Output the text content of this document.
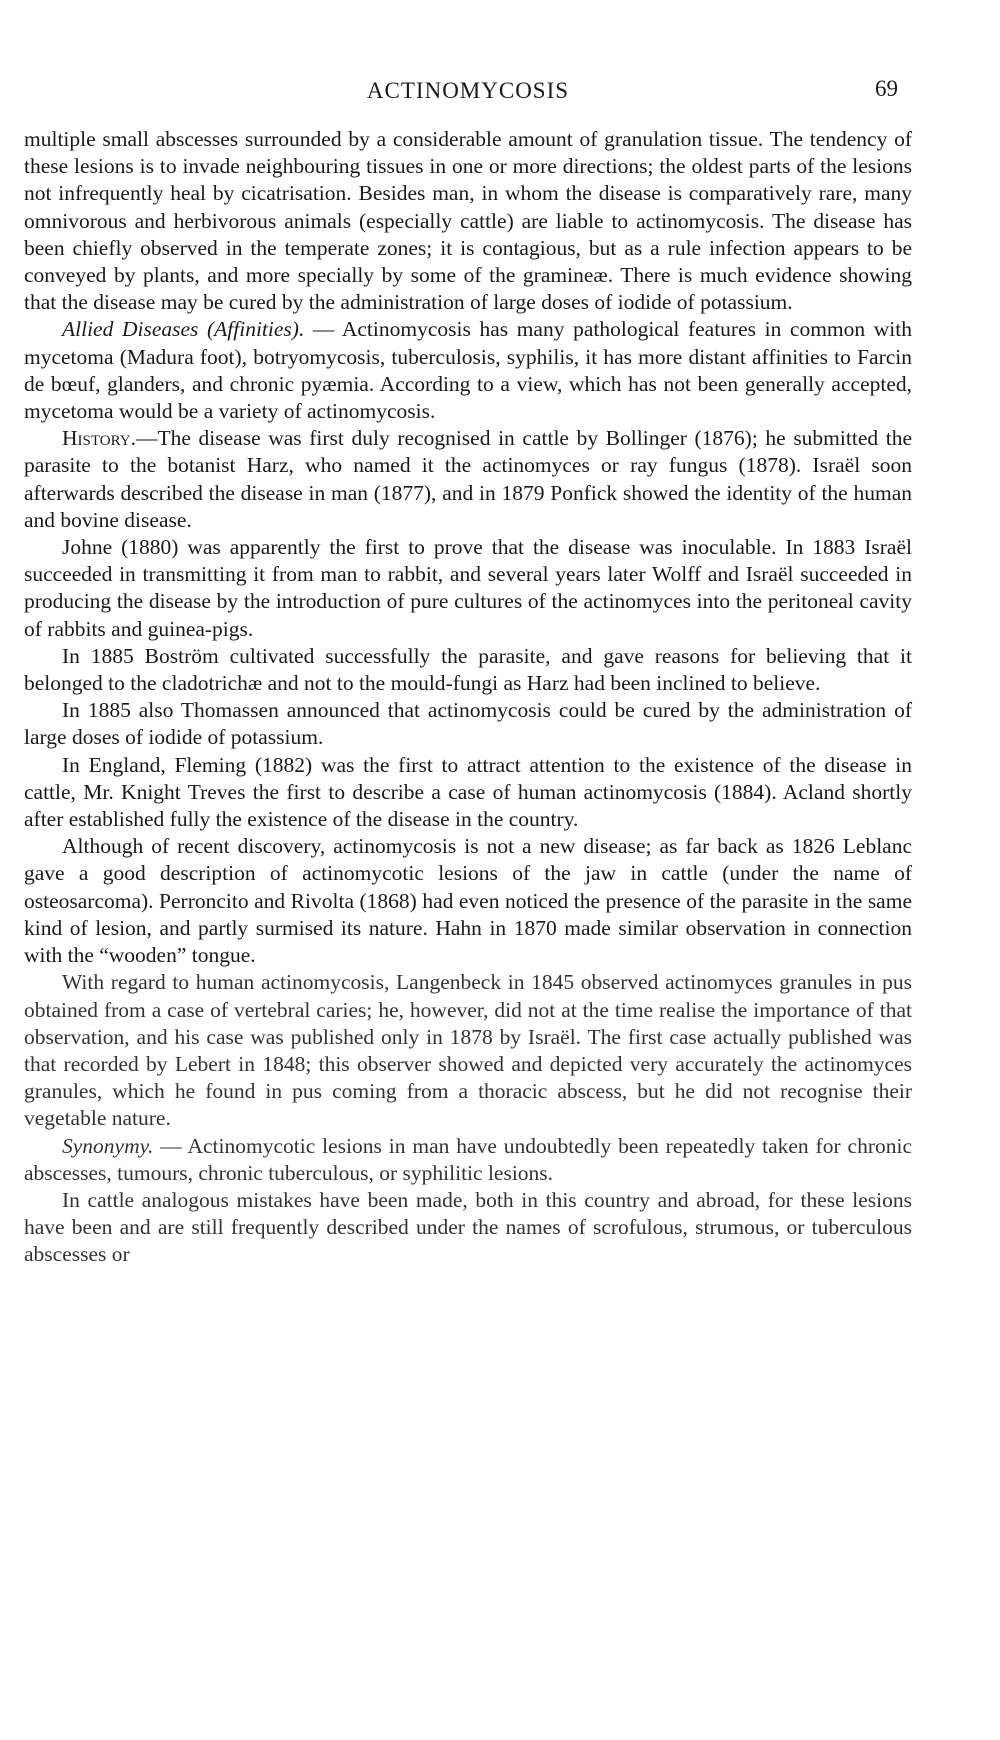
ACTINOMYCOSIS	69

multiple small abscesses surrounded by a considerable amount of granulation tissue. The tendency of these lesions is to invade neighbouring tissues in one or more directions; the oldest parts of the lesions not infrequently heal by cicatrisation. Besides man, in whom the disease is comparatively rare, many omnivorous and herbivorous animals (especially cattle) are liable to actinomycosis. The disease has been chiefly observed in the temperate zones; it is contagious, but as a rule infection appears to be conveyed by plants, and more specially by some of the gramineæ. There is much evidence showing that the disease may be cured by the administration of large doses of iodide of potassium.

Allied Diseases (Affinities). — Actinomycosis has many pathological features in common with mycetoma (Madura foot), botryomycosis, tuberculosis, syphilis, it has more distant affinities to Farcin de bœuf, glanders, and chronic pyæmia. According to a view, which has not been generally accepted, mycetoma would be a variety of actinomycosis.

History.—The disease was first duly recognised in cattle by Bollinger (1876); he submitted the parasite to the botanist Harz, who named it the actinomyces or ray fungus (1878). Israël soon afterwards described the disease in man (1877), and in 1879 Ponfick showed the identity of the human and bovine disease.

Johne (1880) was apparently the first to prove that the disease was inoculable. In 1883 Israël succeeded in transmitting it from man to rabbit, and several years later Wolff and Israël succeeded in producing the disease by the introduction of pure cultures of the actinomyces into the peritoneal cavity of rabbits and guinea-pigs.

In 1885 Boström cultivated successfully the parasite, and gave reasons for believing that it belonged to the cladotrichæ and not to the mould-fungi as Harz had been inclined to believe.

In 1885 also Thomassen announced that actinomycosis could be cured by the administration of large doses of iodide of potassium.

In England, Fleming (1882) was the first to attract attention to the existence of the disease in cattle, Mr. Knight Treves the first to describe a case of human actinomycosis (1884). Acland shortly after established fully the existence of the disease in the country.

Although of recent discovery, actinomycosis is not a new disease; as far back as 1826 Leblanc gave a good description of actinomycotic lesions of the jaw in cattle (under the name of osteosarcoma). Perroncito and Rivolta (1868) had even noticed the presence of the parasite in the same kind of lesion, and partly surmised its nature. Hahn in 1870 made similar observation in connection with the “wooden” tongue.

With regard to human actinomycosis, Langenbeck in 1845 observed actinomyces granules in pus obtained from a case of vertebral caries; he, however, did not at the time realise the importance of that observation, and his case was published only in 1878 by Israël. The first case actually published was that recorded by Lebert in 1848; this observer showed and depicted very accurately the actinomyces granules, which he found in pus coming from a thoracic abscess, but he did not recognise their vegetable nature.

Synonymy. — Actinomycotic lesions in man have undoubtedly been repeatedly taken for chronic abscesses, tumours, chronic tuberculous, or syphilitic lesions.

In cattle analogous mistakes have been made, both in this country and abroad, for these lesions have been and are still frequently described under the names of scrofulous, strumous, or tuberculous abscesses or
